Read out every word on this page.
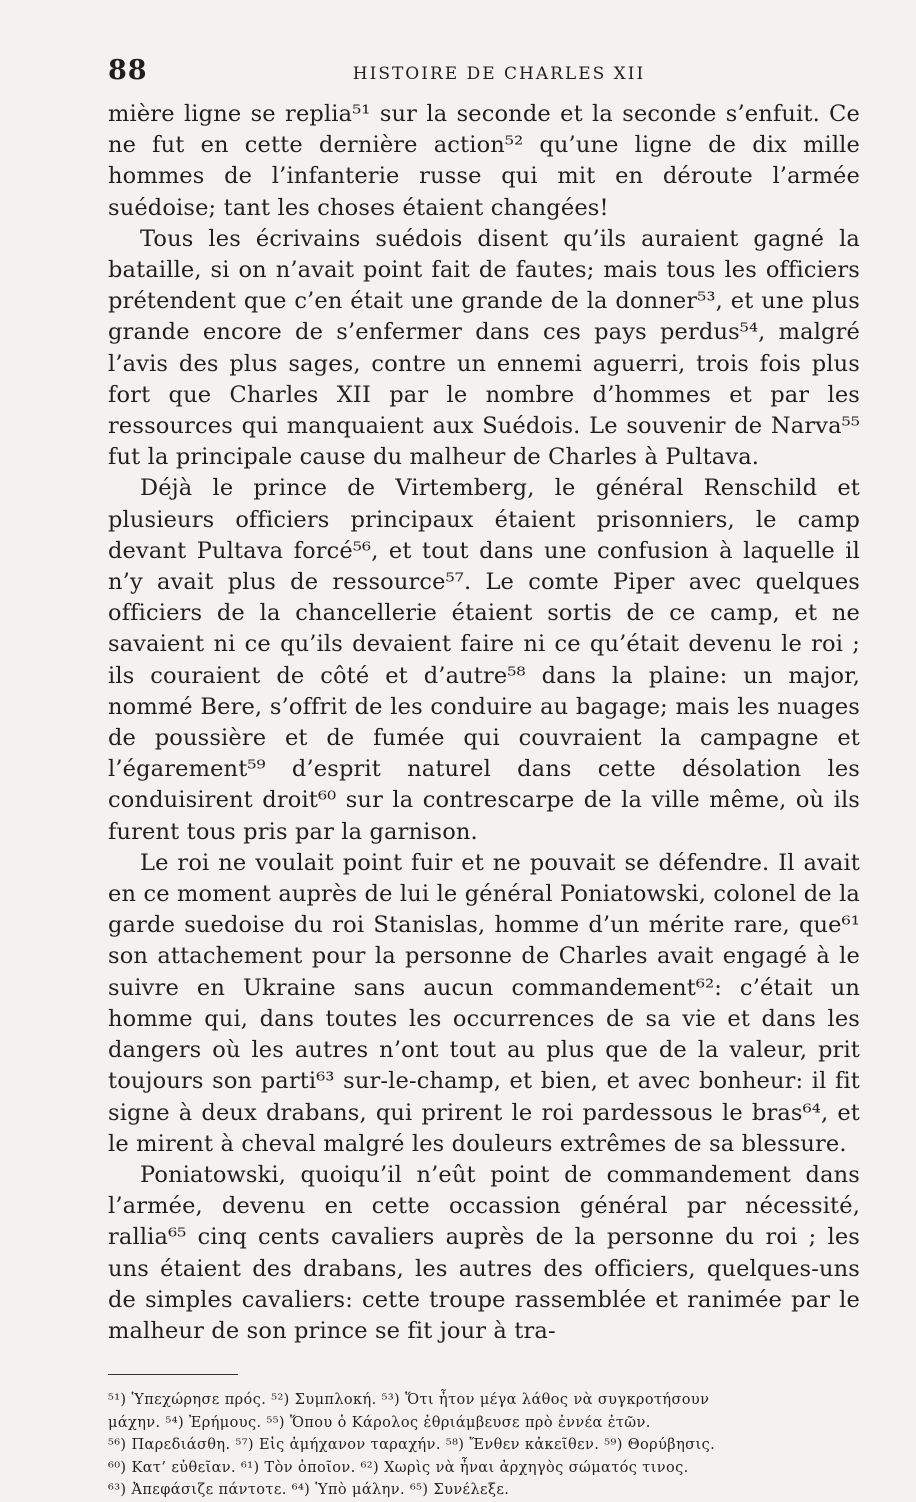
88	HISTOIRE DE CHARLES XII

mière ligne se replia⁵¹ sur la seconde et la seconde s’enfuit. Ce ne fut en cette dernière action⁵² qu’une ligne de dix mille hommes de l’infanterie russe qui mit en déroute l’armée suédoise; tant les choses étaient changées!

Tous les écrivains suédois disent qu’ils auraient gagné la bataille, si on n’avait point fait de fautes; mais tous les officiers prétendent que c’en était une grande de la donner⁵³, et une plus grande encore de s’enfermer dans ces pays perdus⁵⁴, malgré l’avis des plus sages, contre un ennemi aguerri, trois fois plus fort que Charles XII par le nombre d’hommes et par les ressources qui manquaient aux Suédois. Le souvenir de Narva⁵⁵ fut la principale cause du malheur de Charles à Pultava.

Déjà le prince de Virtemberg, le général Renschild et plusieurs officiers principaux étaient prisonniers, le camp devant Pultava forcé⁵⁶, et tout dans une confusion à laquelle il n’y avait plus de ressource⁵⁷. Le comte Piper avec quelques officiers de la chancellerie étaient sortis de ce camp, et ne savaient ni ce qu’ils devaient faire ni ce qu’était devenu le roi ; ils couraient de côté et d’autre⁵⁸ dans la plaine: un major, nommé Bere, s’offrit de les conduire au bagage; mais les nuages de poussière et de fumée qui couvraient la campagne et l’égarement⁵⁹ d’esprit naturel dans cette désolation les conduisirent droit⁶⁰ sur la contrescarpe de la ville même, où ils furent tous pris par la garnison.

Le roi ne voulait point fuir et ne pouvait se défendre. Il avait en ce moment auprès de lui le général Poniatowski, colonel de la garde suedoise du roi Stanislas, homme d’un mérite rare, que⁶¹ son attachement pour la personne de Charles avait engagé à le suivre en Ukraine sans aucun commandement⁶²: c’était un homme qui, dans toutes les occurrences de sa vie et dans les dangers où les autres n’ont tout au plus que de la valeur, prit toujours son parti⁶³ sur-le-champ, et bien, et avec bonheur: il fit signe à deux drabans, qui prirent le roi pardessous le bras⁶⁴, et le mirent à cheval malgré les douleurs extrêmes de sa blessure.

Poniatowski, quoiqu’il n’eût point de commandement dans l’armée, devenu en cette occassion général par nécessité, rallia⁶⁵ cinq cents cavaliers auprès de la personne du roi ; les uns étaient des drabans, les autres des officiers, quelques-uns de simples cavaliers: cette troupe rassemblée et ranimée par le malheur de son prince se fit jour à tra-

⁵¹) Ὑπεχώρησε πρός. ⁵²) Συμπλοκή. ⁵³) Ὅτι ἦτον μέγα λάθος νὰ συγκροτήσουν

μάχην. ⁵⁴) Ἐρήμους. ⁵⁵) Ὅπου ὁ Κάρολος ἐθριάμβευσε πρὸ ἐννέα ἐτῶν.

⁵⁶) Παρεδιάσθη. ⁵⁷) Εἰς ἀμήχανον ταραχήν. ⁵⁸) Ἔνθεν κἀκεῖθεν. ⁵⁹) Θορύβησις.

⁶⁰) Κατ’ εὐθεῖαν. ⁶¹) Τὸν ὁποῖον. ⁶²) Χωρὶς νὰ ἦναι ἀρχηγὸς σώματός τινος.

⁶³) Ἀπεφάσιζε πάντοτε. ⁶⁴) Ὑπὸ μάλην. ⁶⁵) Συνέλεξε.
